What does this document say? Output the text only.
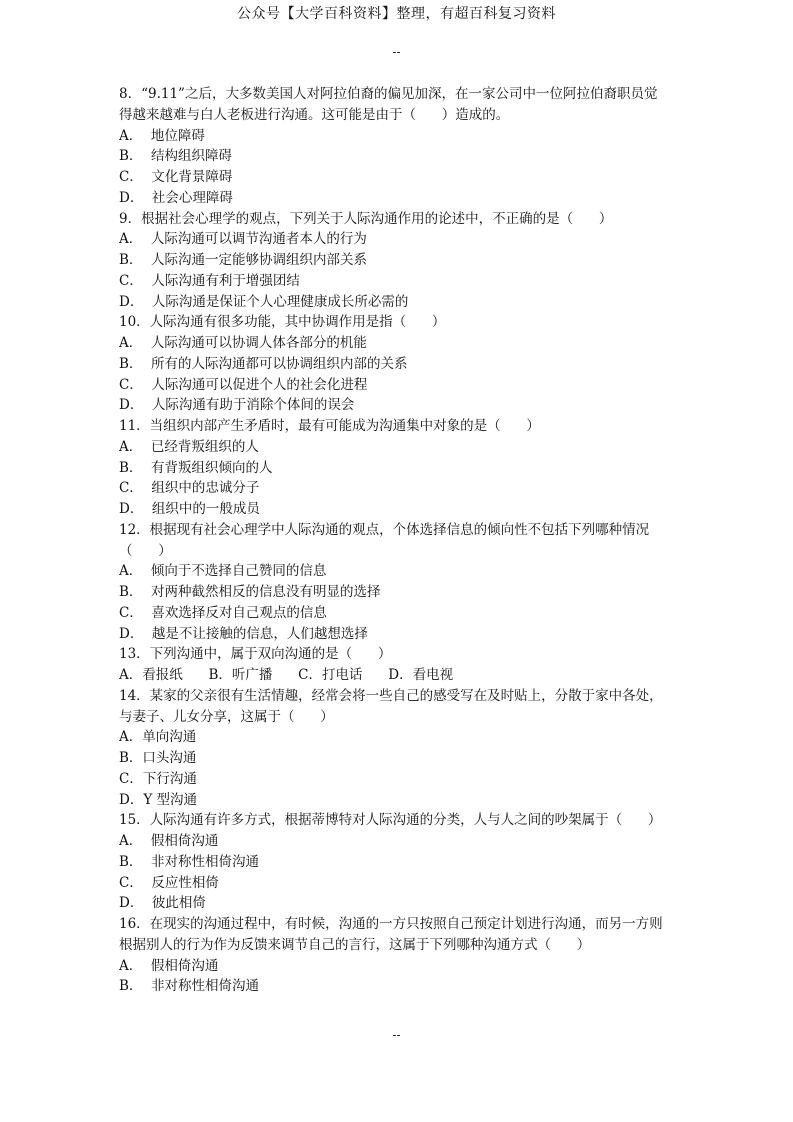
公众号【大学百科资料】整理，有超百科复习资料
--
8．“9.11”之后，大多数美国人对阿拉伯裔的偏见加深，在一家公司中一位阿拉伯裔职员觉
得越来越难与白人老板进行沟通。这可能是由于（      ）造成的。
A．  地位障碍
B．  结构组织障碍
C．  文化背景障碍
D．  社会心理障碍
9．根据社会心理学的观点，下列关于人际沟通作用的论述中，不正确的是（      ）
A．  人际沟通可以调节沟通者本人的行为
B．  人际沟通一定能够协调组织内部关系
C．  人际沟通有利于增强团结
D．  人际沟通是保证个人心理健康成长所必需的
10．人际沟通有很多功能，其中协调作用是指（      ）
A．  人际沟通可以协调人体各部分的机能
B．  所有的人际沟通都可以协调组织内部的关系
C．  人际沟通可以促进个人的社会化进程
D．  人际沟通有助于消除个体间的误会
11．当组织内部产生矛盾时，最有可能成为沟通集中对象的是（      ）
A．  已经背叛组织的人
B．  有背叛组织倾向的人
C．  组织中的忠诚分子
D．  组织中的一般成员
12．根据现有社会心理学中人际沟通的观点，个体选择信息的倾向性不包括下列哪种情况
（      ）
A．  倾向于不选择自己赞同的信息
B．  对两种截然相反的信息没有明显的选择
C．  喜欢选择反对自己观点的信息
D．  越是不让接触的信息，人们越想选择
13．下列沟通中，属于双向沟通的是（      ）
A．看报纸      B．听广播      C．打电话      D．看电视
14．某家的父亲很有生活情趣，经常会将一些自己的感受写在及时贴上，分散于家中各处，
与妻子、儿女分享，这属于（      ）
A．单向沟通
B．口头沟通
C．下行沟通
D．Y 型沟通
15．人际沟通有许多方式，根据蒂博特对人际沟通的分类，人与人之间的吵架属于（      ）
A．  假相倚沟通
B．  非对称性相倚沟通
C．  反应性相倚
D．  彼此相倚
16．在现实的沟通过程中，有时候，沟通的一方只按照自己预定计划进行沟通，而另一方则
根据别人的行为作为反馈来调节自己的言行，这属于下列哪种沟通方式（      ）
A．  假相倚沟通
B．  非对称性相倚沟通
--
